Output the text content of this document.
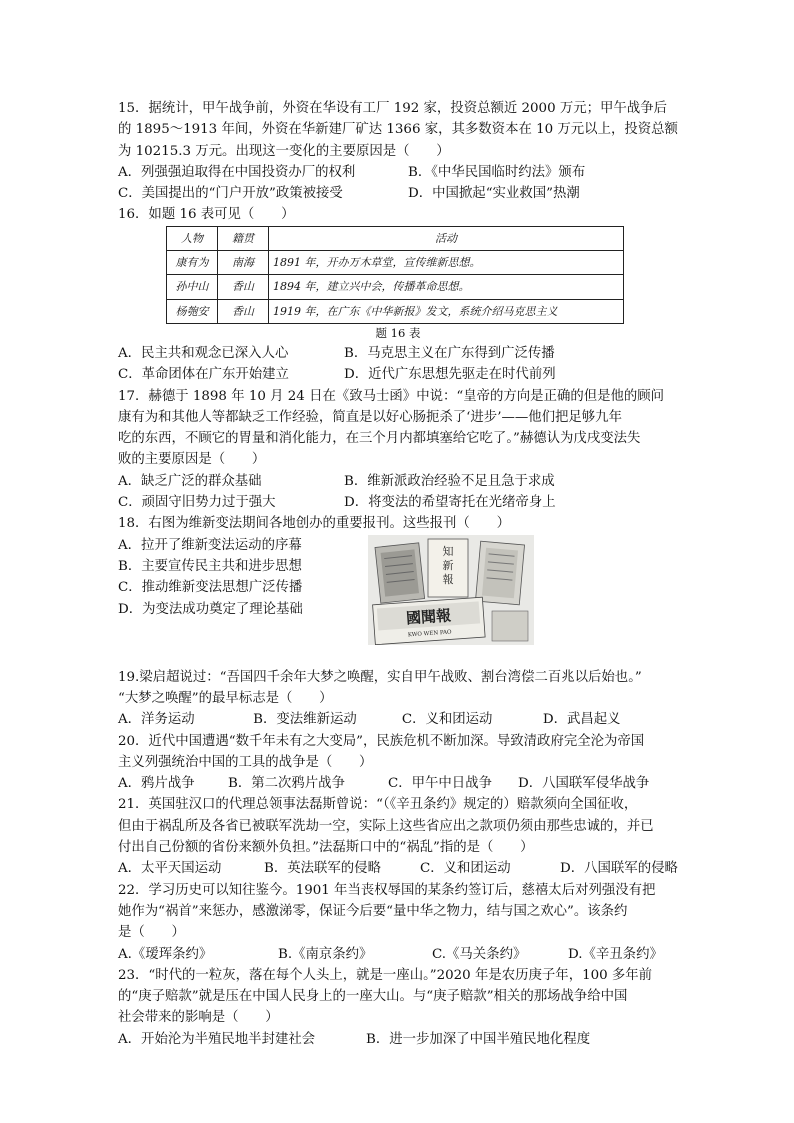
15．据统计，甲午战争前，外资在华设有工厂 192 家，投资总额近 2000 万元；甲午战争后

的 1895～1913 年间，外资在华新建厂矿达 1366 家，其多数资本在 10 万元以上，投资总额

为 10215.3 万元。出现这一变化的主要原因是（　　）

A．列强强迫取得在中国投资办厂的权利	B．《中华民国临时约法》颁布
C．美国提出的“门户开放”政策被接受	D．中国掀起“实业救国”热潮

16．如题 16 表可见（　　）

人物	籍贯	活动
康有为	南海	1891 年，开办万木草堂，宣传维新思想。
孙中山	香山	1894 年，建立兴中会，传播革命思想。
杨匏安	香山	1919 年，在广东《中华新报》发文，系统介绍马克思主义
题 16 表
A．民主共和观念已深入人心	B．马克思主义在广东得到广泛传播
C．革命团体在广东开始建立	D．近代广东思想先驱走在时代前列

17．赫德于 1898 年 10 月 24 日在《致马士函》中说：“皇帝的方向是正确的但是他的顾问

康有为和其他人等都缺乏工作经验，简直是以好心肠扼杀了‘进步’——他们把足够九年

吃的东西，不顾它的胃量和消化能力，在三个月内都填塞给它吃了。”赫德认为戊戌变法失

败的主要原因是（　　）

A．缺乏广泛的群众基础	B．维新派政治经验不足且急于求成
C．顽固守旧势力过于强大	D．将变法的希望寄托在光绪帝身上

18．右图为维新变法期间各地创办的重要报刊。这些报刊（　　）

A．拉开了维新变法运动的序幕

B．主要宣传民主共和进步思想

C．推动维新变法思想广泛传播

D．为变法成功奠定了理论基础

知
新
報
國聞報
KWO WEN PAO

19.梁启超说过：“吾国四千余年大梦之唤醒，实自甲午战败、割台湾偿二百兆以后始也。”

“大梦之唤醒”的最早标志是（　　）

A．洋务运动	B．变法维新运动	C．义和团运动	D．武昌起义

20．近代中国遭遇“数千年未有之大变局”，民族危机不断加深。导致清政府完全沦为帝国

主义列强统治中国的工具的战争是（　　）

A．鸦片战争	B．第二次鸦片战争	C．甲午中日战争	D．八国联军侵华战争

21．英国驻汉口的代理总领事法磊斯曾说：“（《辛丑条约》规定的）赔款须向全国征收，

但由于祸乱所及各省已被联军洗劫一空，实际上这些省应出之款项仍须由那些忠诚的，并已

付出自己份额的省份来额外负担。”法磊斯口中的“祸乱”指的是（　　）

A．太平天国运动	B．英法联军的侵略	C．义和团运动	D．八国联军的侵略

22．学习历史可以知往鉴今。1901 年当丧权辱国的某条约签订后，慈禧太后对列强没有把

她作为“祸首”来惩办，感激涕零，保证今后要“量中华之物力，结与国之欢心”。该条约

是（　　）

A.《瑷珲条约》	B.《南京条约》	C.《马关条约》	D.《辛丑条约》

23．“时代的一粒灰，落在每个人头上，就是一座山。”2020 年是农历庚子年，100 多年前

的“庚子赔款”就是压在中国人民身上的一座大山。与“庚子赔款”相关的那场战争给中国

社会带来的影响是（　　）

A．开始沦为半殖民地半封建社会	B．进一步加深了中国半殖民地化程度
